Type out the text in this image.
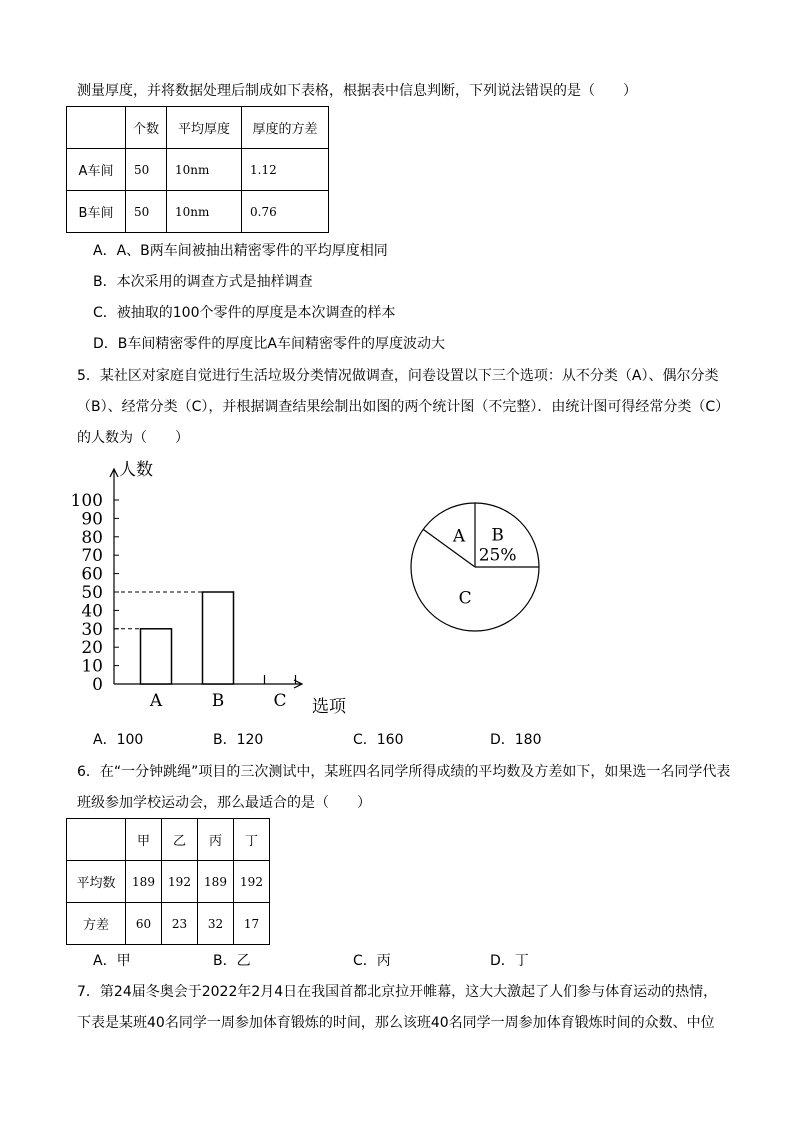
测量厚度，并将数据处理后制成如下表格，根据表中信息判断，下列说法错误的是（　　）
	个数	平均厚度	厚度的方差
A车间	50	10nm	1.12
B车间	50	10nm	0.76
A．A、B两车间被抽出精密零件的平均厚度相同
B．本次采用的调查方式是抽样调查
C．被抽取的100个零件的厚度是本次调查的样本
D．B车间精密零件的厚度比A车间精密零件的厚度波动大
5．某社区对家庭自觉进行生活垃圾分类情况做调查，问卷设置以下三个选项：从不分类（A）、偶尔分类
（B）、经常分类（C），并根据调查结果绘制出如图的两个统计图（不完整）．由统计图可得经常分类（C）
的人数为（　　）
人数
选项
0
10
20
30
40
50
60
70
80
90
100
A	B	C
B
25%
C
A
A．100	B．120	C．160	D．180
6．在“一分钟跳绳”项目的三次测试中，某班四名同学所得成绩的平均数及方差如下，如果选一名同学代表
班级参加学校运动会，那么最适合的是（　　）
	甲	乙	丙	丁
平均数	189	192	189	192
方差	60	23	32	17
A．甲	B．乙	C．丙	D．丁
7．第24届冬奥会于2022年2月4日在我国首都北京拉开帷幕，这大大激起了人们参与体育运动的热情，
下表是某班40名同学一周参加体育锻炼的时间，那么该班40名同学一周参加体育锻炼时间的众数、中位
